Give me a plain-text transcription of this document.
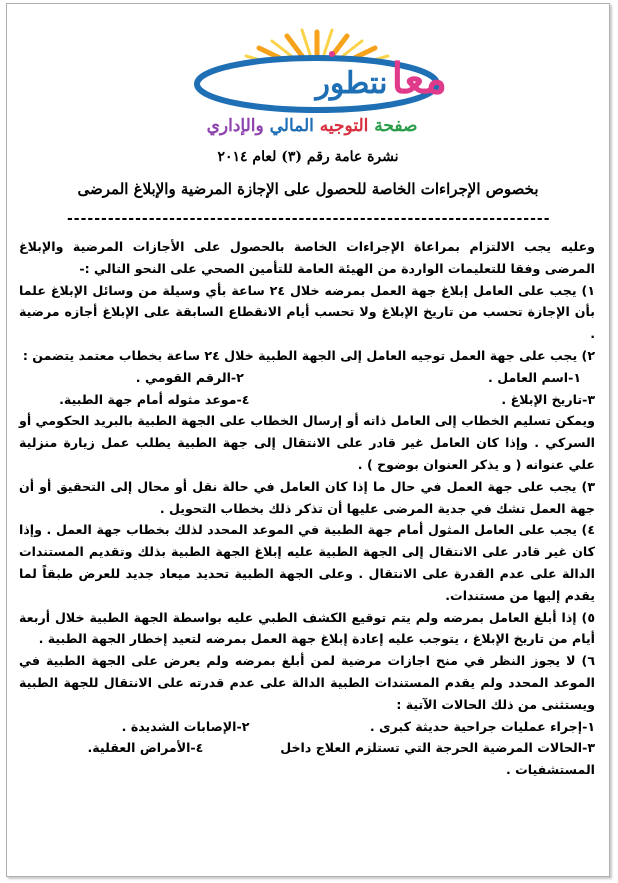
معانتطور
صفحة التوجيه المالي والإداري
نشرة عامة رقم (٣) لعام ٢٠١٤
بخصوص الإجراءات الخاصة للحصول على الإجازة المرضية والإبلاغ المرضى
-----------------------------------------------------------------------

وعليه يجب الالتزام بمراعاة الإجراءات الخاصة بالحصول على الأجازات المرضية والإبلاغ المرضى وفقا للتعليمات الواردة من الهيئة العامة للتأمين الصحي على النحو التالي :-

١) يجب على العامل إبلاغ جهة العمل بمرضه خلال ٢٤ ساعة بأي وسيلة من وسائل الإبلاغ علما بأن الإجازة تحسب من تاريخ الإبلاغ ولا تحسب أيام الانقطاع السابقة على الإبلاغ أجازه مرضية .

٢) يجب على جهة العمل توجيه العامل إلى الجهة الطبية خلال ٢٤ ساعة بخطاب معتمد يتضمن :

١-اسم العامل .
٢-الرقم القومي .
٣-تاريخ الإبلاغ .
٤-موعد مثوله أمام جهة الطبية.

ويمكن تسليم الخطاب إلى العامل ذاته أو إرسال الخطاب على الجهة الطبية بالبريد الحكومي أو السركي . وإذا كان العامل غير قادر على الانتقال إلى جهة الطبية يطلب عمل زيارة منزلية علي عنوانه ( و يذكر العنوان بوضوح ) .

٣) يجب على جهة العمل في حال ما إذا كان العامل في حالة نقل أو محال إلى التحقيق أو أن جهة العمل تشك في جدية المرضى عليها أن تذكر ذلك بخطاب التحويل .

٤) يجب على العامل المثول أمام جهة الطبية في الموعد المحدد لذلك بخطاب جهة العمل . وإذا كان غير قادر على الانتقال إلى الجهة الطبية عليه إبلاغ الجهة الطبية بذلك وتقديم المستندات الدالة على عدم القدرة على الانتقال . وعلى الجهة الطبية تحديد ميعاد جديد للعرض طبقاً لما يقدم إليها من مستندات.

٥) إذا أبلغ العامل بمرضه ولم يتم توقيع الكشف الطبي عليه بواسطة الجهة الطبية خلال أربعة أيام من تاريخ الإبلاغ ، يتوجب عليه إعادة إبلاغ جهة العمل بمرضه لتعيد إخطار الجهة الطبية .

٦) لا يجوز النظر في منح اجازات مرضية لمن أبلغ بمرضه ولم يعرض على الجهة الطبية في الموعد المحدد ولم يقدم المستندات الطبية الدالة على عدم قدرته على الانتقال للجهة الطبية ويستثنى من ذلك الحالات الآتية :

١-إجراء عمليات جراحية حديثة كبرى .
٢-الإصابات الشديدة .
٣-الحالات المرضية الحرجة التي تستلزم العلاج داخل المستشفيات .
٤-الأمراض العقلية.
